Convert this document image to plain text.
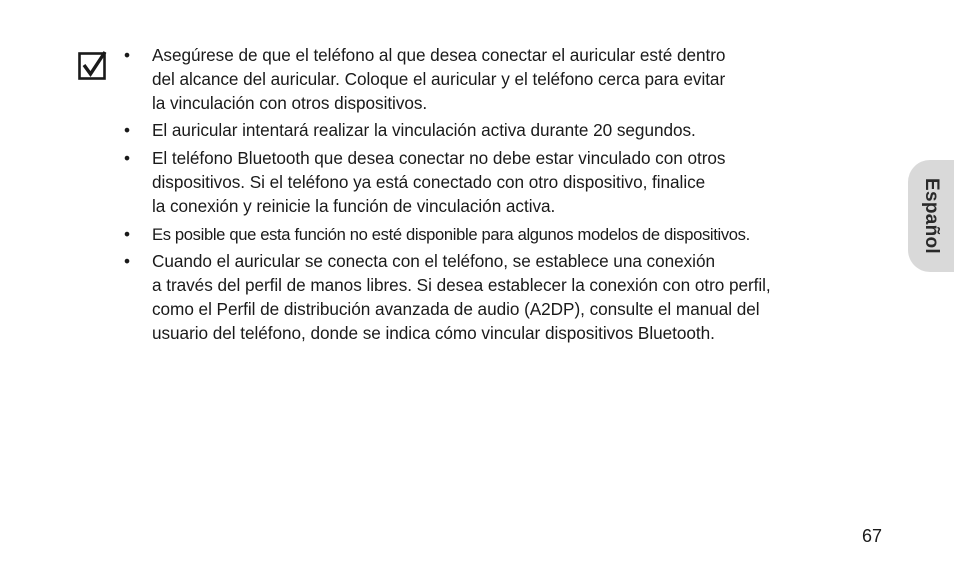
• Asegúrese de que el teléfono al que desea conectar el auricular esté dentro
del alcance del auricular. Coloque el auricular y el teléfono cerca para evitar
la vinculación con otros dispositivos.
• El auricular intentará realizar la vinculación activa durante 20 segundos.
• El teléfono Bluetooth que desea conectar no debe estar vinculado con otros
dispositivos. Si el teléfono ya está conectado con otro dispositivo, finalice
la conexión y reinicie la función de vinculación activa.
• Es posible que esta función no esté disponible para algunos modelos de dispositivos.
• Cuando el auricular se conecta con el teléfono, se establece una conexión
a través del perfil de manos libres. Si desea establecer la conexión con otro perfil,
como el Perfil de distribución avanzada de audio (A2DP), consulte el manual del
usuario del teléfono, donde se indica cómo vincular dispositivos Bluetooth.
Español
67
